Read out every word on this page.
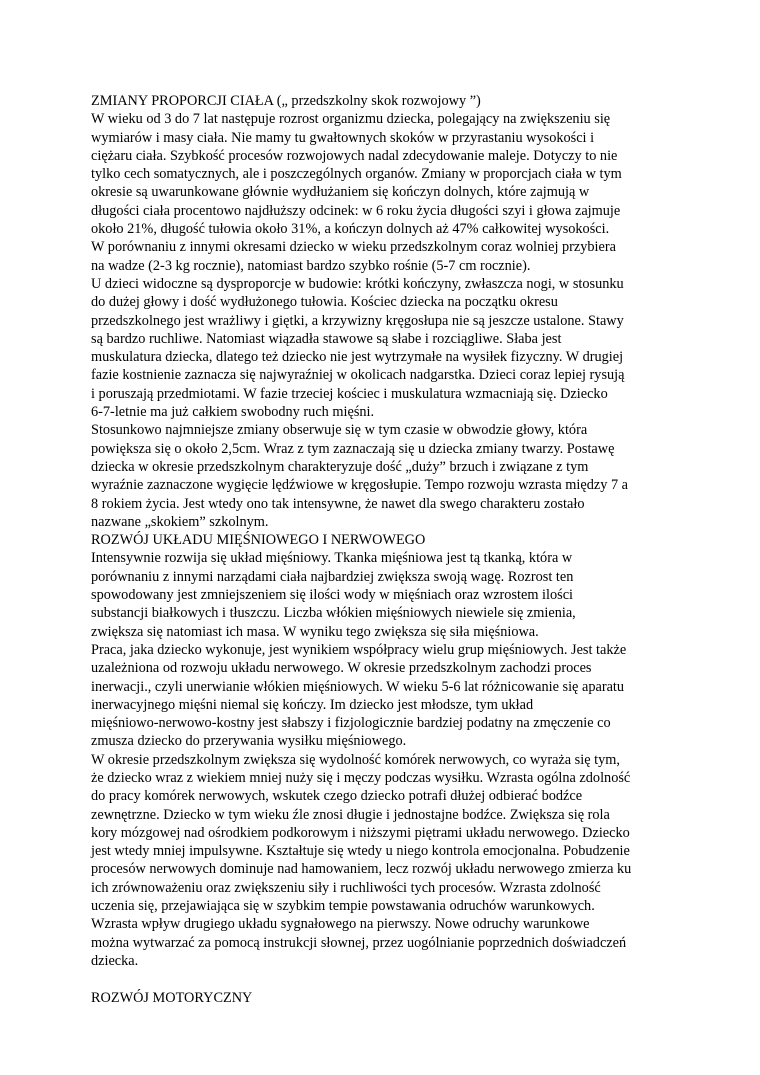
ZMIANY PROPORCJI CIAŁA („ przedszkolny skok rozwojowy ”)
W wieku od 3 do 7 lat następuje rozrost organizmu dziecka, polegający na zwiększeniu się
wymiarów i masy ciała. Nie mamy tu gwałtownych skoków w przyrastaniu wysokości i
ciężaru ciała. Szybkość procesów rozwojowych nadal zdecydowanie maleje. Dotyczy to nie
tylko cech somatycznych, ale i poszczególnych organów. Zmiany w proporcjach ciała w tym
okresie są uwarunkowane głównie wydłużaniem się kończyn dolnych, które zajmują w
długości ciała procentowo najdłuższy odcinek: w 6 roku życia długości szyi i głowa zajmuje
około 21%, długość tułowia około 31%, a kończyn dolnych aż 47% całkowitej wysokości.
W porównaniu z innymi okresami dziecko w wieku przedszkolnym coraz wolniej przybiera
na wadze (2-3 kg rocznie), natomiast bardzo szybko rośnie (5-7 cm rocznie).
U dzieci widoczne są dysproporcje w budowie: krótki kończyny, zwłaszcza nogi, w stosunku
do dużej głowy i dość wydłużonego tułowia. Kościec dziecka na początku okresu
przedszkolnego jest wrażliwy i giętki, a krzywizny kręgosłupa nie są jeszcze ustalone. Stawy
są bardzo ruchliwe. Natomiast wiązadła stawowe są słabe i rozciągliwe. Słaba jest
muskulatura dziecka, dlatego też dziecko nie jest wytrzymałe na wysiłek fizyczny. W drugiej
fazie kostnienie zaznacza się najwyraźniej w okolicach nadgarstka. Dzieci coraz lepiej rysują
i poruszają przedmiotami. W fazie trzeciej kościec i muskulatura wzmacniają się. Dziecko
6-7-letnie ma już całkiem swobodny ruch mięśni.
Stosunkowo najmniejsze zmiany obserwuje się w tym czasie w obwodzie głowy, która
powiększa się o około 2,5cm. Wraz z tym zaznaczają się u dziecka zmiany twarzy. Postawę
dziecka w okresie przedszkolnym charakteryzuje dość „duży” brzuch i związane z tym
wyraźnie zaznaczone wygięcie lędźwiowe w kręgosłupie. Tempo rozwoju wzrasta między 7 a
8 rokiem życia. Jest wtedy ono tak intensywne, że nawet dla swego charakteru zostało
nazwane „skokiem” szkolnym.
ROZWÓJ UKŁADU MIĘŚNIOWEGO I NERWOWEGO
Intensywnie rozwija się układ mięśniowy. Tkanka mięśniowa jest tą tkanką, która w
porównaniu z innymi narządami ciała najbardziej zwiększa swoją wagę. Rozrost ten
spowodowany jest zmniejszeniem się ilości wody w mięśniach oraz wzrostem ilości
substancji białkowych i tłuszczu. Liczba włókien mięśniowych niewiele się zmienia,
zwiększa się natomiast ich masa. W wyniku tego zwiększa się siła mięśniowa.
Praca, jaka dziecko wykonuje, jest wynikiem współpracy wielu grup mięśniowych. Jest także
uzależniona od rozwoju układu nerwowego. W okresie przedszkolnym zachodzi proces
inerwacji., czyli unerwianie włókien mięśniowych. W wieku 5-6 lat różnicowanie się aparatu
inerwacyjnego mięśni niemal się kończy. Im dziecko jest młodsze, tym układ
mięśniowo-nerwowo-kostny jest słabszy i fizjologicznie bardziej podatny na zmęczenie co
zmusza dziecko do przerywania wysiłku mięśniowego.
W okresie przedszkolnym zwiększa się wydolność komórek nerwowych, co wyraża się tym,
że dziecko wraz z wiekiem mniej nuży się i męczy podczas wysiłku. Wzrasta ogólna zdolność
do pracy komórek nerwowych, wskutek czego dziecko potrafi dłużej odbierać bodźce
zewnętrzne. Dziecko w tym wieku źle znosi długie i jednostajne bodźce. Zwiększa się rola
kory mózgowej nad ośrodkiem podkorowym i niższymi piętrami układu nerwowego. Dziecko
jest wtedy mniej impulsywne. Kształtuje się wtedy u niego kontrola emocjonalna. Pobudzenie
procesów nerwowych dominuje nad hamowaniem, lecz rozwój układu nerwowego zmierza ku
ich zrównoważeniu oraz zwiększeniu siły i ruchliwości tych procesów. Wzrasta zdolność
uczenia się, przejawiająca się w szybkim tempie powstawania odruchów warunkowych.
Wzrasta wpływ drugiego układu sygnałowego na pierwszy. Nowe odruchy warunkowe
można wytwarzać za pomocą instrukcji słownej, przez uogólnianie poprzednich doświadczeń
dziecka.
ROZWÓJ MOTORYCZNY
